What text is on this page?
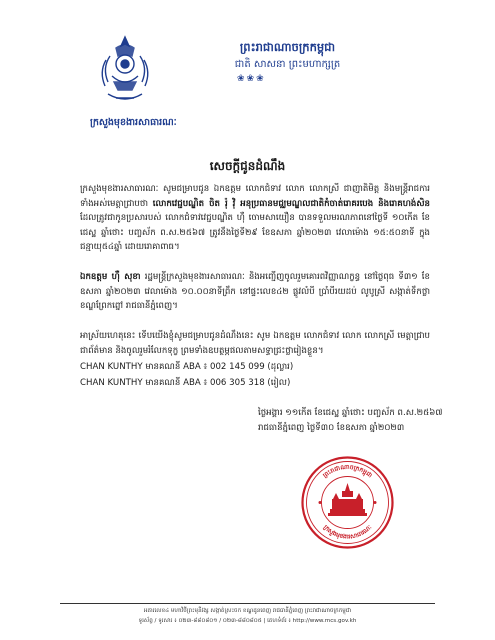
ក្រសួងមុខងារសាធារណៈ
ព្រះរាជាណាចក្រកម្ពុជា
ជាតិ សាសនា ព្រះមហាក្សត្រ
❀❀❀
សេចក្តីជូនដំណឹង

ក្រសួងមុខងារសាធារណៈ សូមជម្រាបជូន ឯកឧត្តម លោកជំទាវ លោក លោកស្រី ជាញាតិមិត្ត និងមន្ត្រីរាជការទាំងអស់មេត្តាជ្រាបថា លោកវេជ្ជបណ្ឌិត ចិត រ៉ុ វ៉ិ អនុប្រធានមជ្ឈមណ្ឌលជាតិកំចាត់រោគរបេង និងរោគហង់សិន ដែលត្រូវជាកូនប្រសារបស់ លោកជំទាវវេជ្ជបណ្ឌិត ហ៊ឺ ចោមសាយឿន បានទទួលមរណភាពនៅថ្ងៃទី ១០កើត ខែជេស្ឋ ឆ្នាំថោះ បញ្ចស័ក ព.ស.២៥៦៧ ត្រូវនឹងថ្ងៃទី២៩ ខែឧសភា ឆ្នាំ២០២៣ វេលាម៉ោង ១៥:៥០នាទី ក្នុងជន្មាយុ៥៤ឆ្នាំ ដោយរោគាពាធ។

ឯកឧត្តម ហ៊ឺ សុខា រដ្ឋមន្ត្រីក្រសួងមុខងារសាធារណៈ និងអញ្ជើញចូលរួមគោរពវិញ្ញាណក្ខន្ធ នៅថ្ងៃពុធ ទី៣១ ខែឧសភា ឆ្នាំ២០២៣ វេលាម៉ោង ១០.០០នាទីព្រឹក នៅផ្ទះលេខ៤២ ផ្លូវលំបី ប្រាំបីរយដប់ លូបូស្រី សង្កាត់ទឹកថ្លា ខណ្ឌព្រែកព្នៅ រាជធានីភ្នំពេញ។

អាស្រ័យហេតុនេះ ទើបយើងខ្ញុំសូមជម្រាបជូនដំណឹងនេះ សូម ឯកឧត្តម លោកជំទាវ លោក លោកស្រី មេត្តាជ្រាប ជាព័ត៌មាន និងចូលរួមរំលែកទុក្ខ ព្រមទាំងឧបត្ថម្ភផលតាមសទ្ធាជ្រះថ្លារៀងខ្លួន។

CHAN KUNTHY មានគណនី ABA ៖ 002 145 099 (ដុល្លារ)
CHAN KUNTHY មានគណនី ABA ៖ 006 305 318 (រៀល)
ថ្ងៃអង្គារ ១១កើត ខែជេស្ឋ ឆ្នាំថោះ បញ្ចស័ក ព.ស.២៥៦៧
រាជធានីភ្នំពេញ ថ្ងៃទី៣០ ខែឧសភា ឆ្នាំ២០២៣
ព្រះរាជាណាចក្រកម្ពុជា
ក្រសួងមុខងារសាធារណៈ
អគារលេខ៤ មហាវិថីព្រះមុនីវង្ស សង្កាត់ស្រះចក ខណ្ឌដូនពេញ រាជធានីភ្នំពេញ ព្រះរាជាណាចក្រកម្ពុជា
ទូរស័ព្ទ / ទូរសារ ៖ ០២៣-៨៨០៨០១ / ០២៣-៨៨០៨០៥ | គេហទំព័រ ៖ http://www.mcs.gov.kh
